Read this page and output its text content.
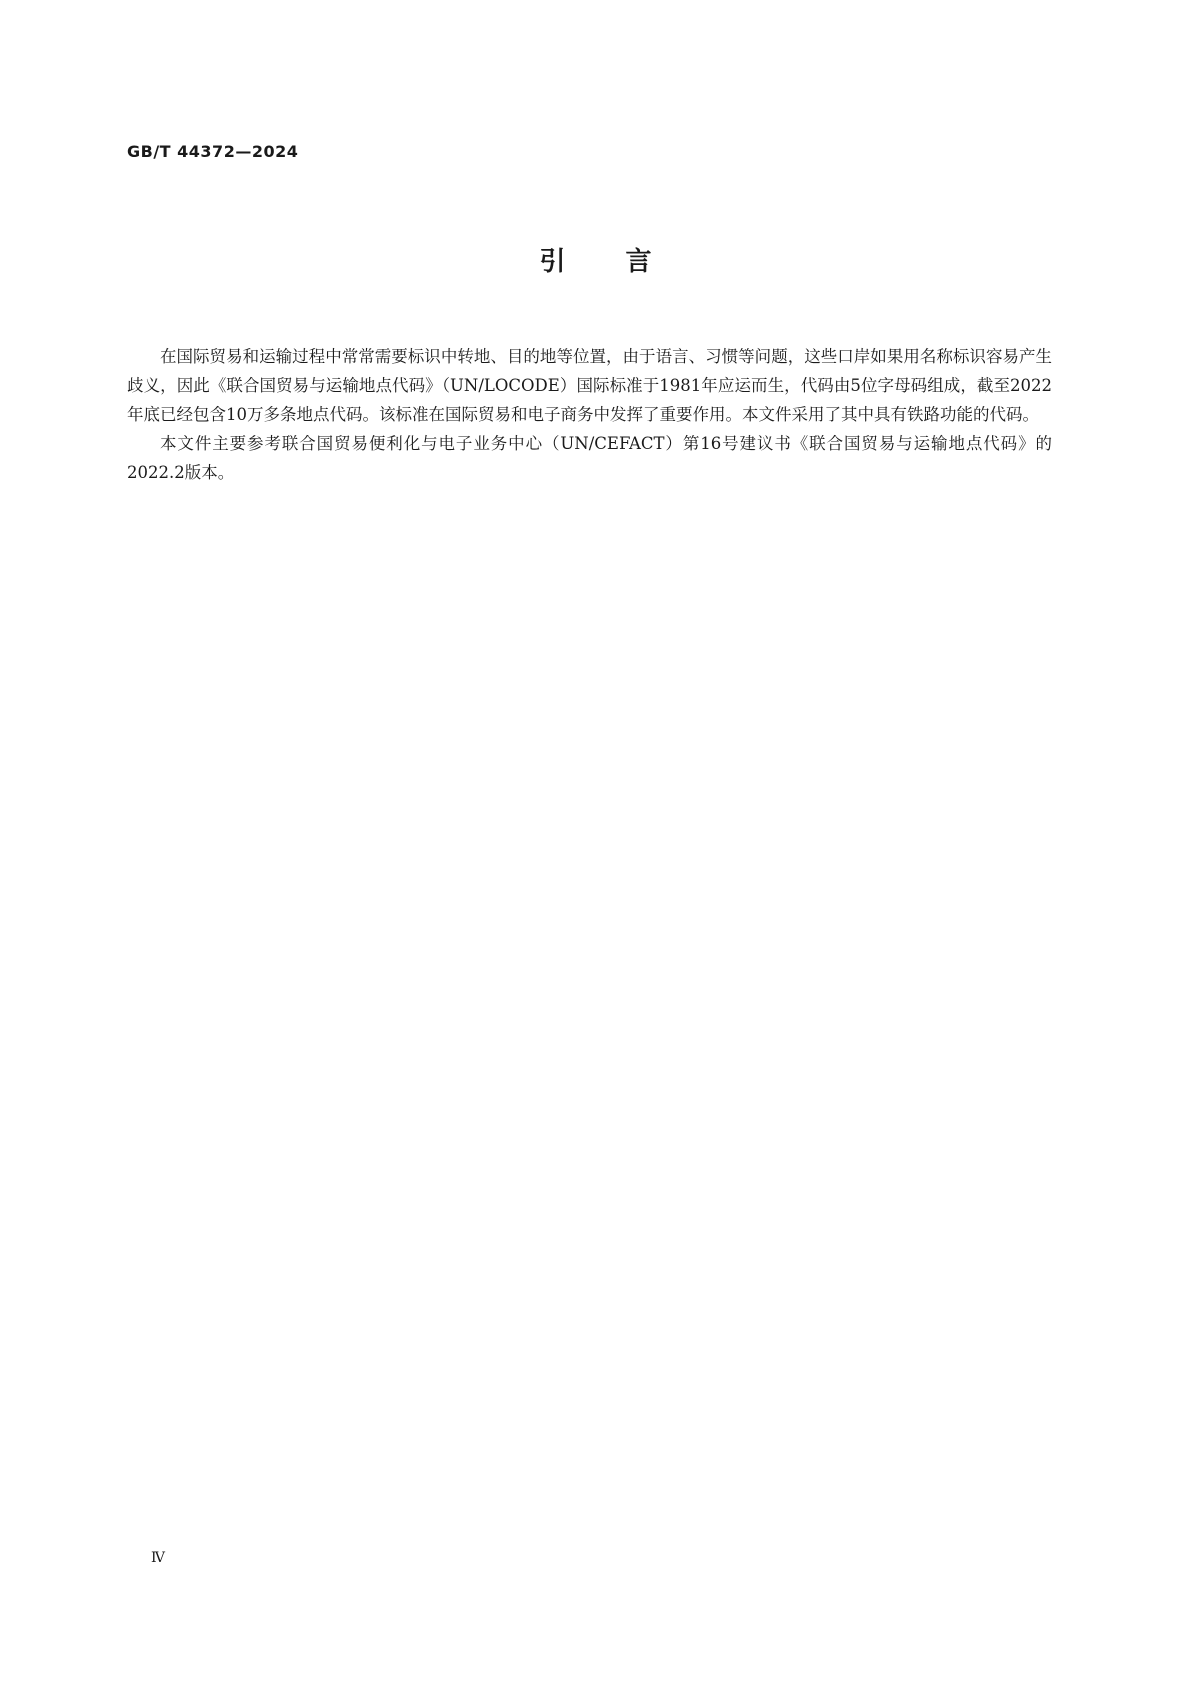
GB/T 44372—2024
引 言

在国际贸易和运输过程中常常需要标识中转地、目的地等位置，由于语言、习惯等问题，这些口岸如果用名称标识容易产生歧义，因此《联合国贸易与运输地点代码》（UN/LOCODE）国际标准于1981年应运而生，代码由5位字母码组成，截至2022年底已经包含10万多条地点代码。该标准在国际贸易和电子商务中发挥了重要作用。本文件采用了其中具有铁路功能的代码。

本文件主要参考联合国贸易便利化与电子业务中心（UN/CEFACT）第16号建议书《联合国贸易与运输地点代码》的2022.2版本。

Ⅳ
